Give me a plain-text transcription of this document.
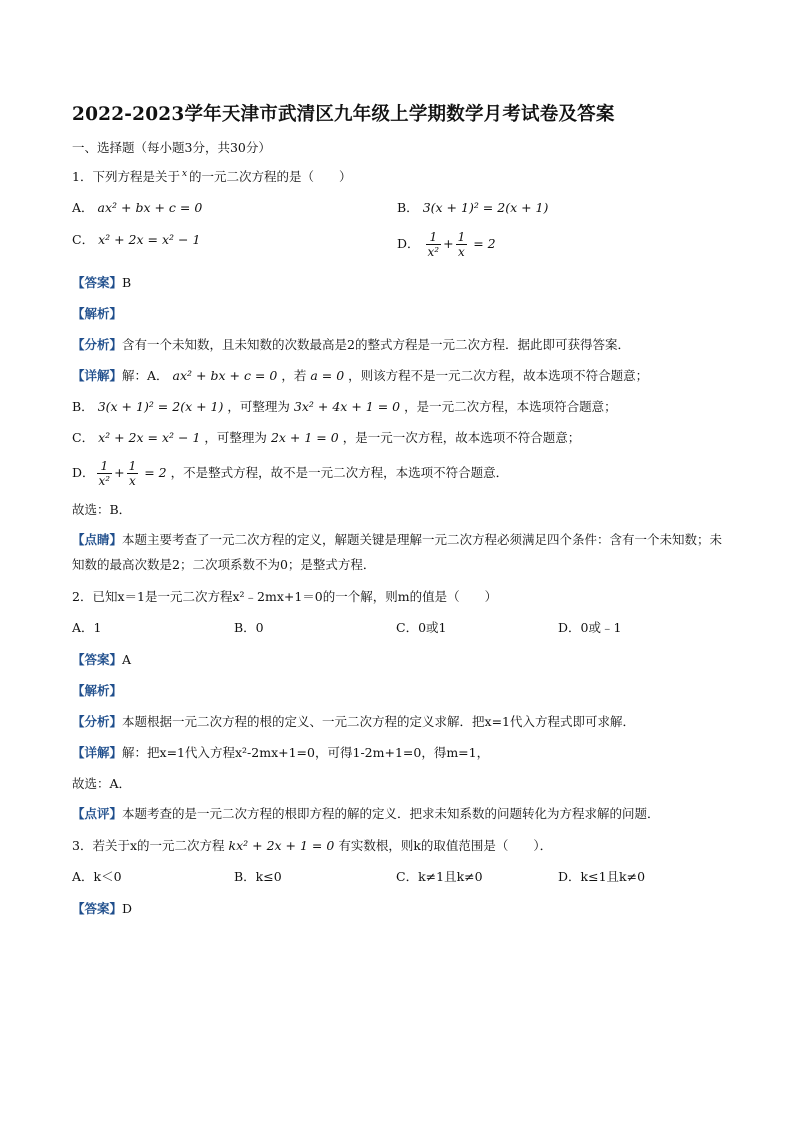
2022-2023学年天津市武清区九年级上学期数学月考试卷及答案
一、选择题（每小题3分，共30分）
1．下列方程是关于 $^x$ 的一元二次方程的是（　　）
A． ax² + bx + c = 0	B． 3(x + 1)² = 2(x + 1)
C． x² + 2x = x² − 1	D． $\frac{1}{\text{x²}} + \frac{1}{x} = 2$
【答案】B
【解析】
【分析】含有一个未知数，且未知数的次数最高是2的整式方程是一元二次方程．据此即可获得答案．
【详解】解：A． ax² + bx + c = 0 ，若 a = 0 ，则该方程不是一元二次方程，故本选项不符合题意；
B． 3(x + 1)² = 2(x + 1) ，可整理为 3x² + 4x + 1 = 0 ，是一元二次方程，本选项符合题意；
C． x² + 2x = x² − 1 ，可整理为 2x + 1 = 0 ，是一元一次方程，故本选项不符合题意；
D． $\frac{1}{\text{x²}} + \frac{1}{x} = 2$ ，不是整式方程，故不是一元二次方程，本选项不符合题意．
故选：B．
【点睛】本题主要考查了一元二次方程的定义，解题关键是理解一元二次方程必须满足四个条件：含有一个未知数；未知数的最高次数是2；二次项系数不为0；是整式方程．
2．已知x＝1是一元二次方程x²﹣2mx+1＝0的一个解，则m的值是（　　）
A．1	B．0	C．0或1	D．0或﹣1
【答案】A
【解析】
【分析】本题根据一元二次方程的根的定义、一元二次方程的定义求解．把x=1代入方程式即可求解．
【详解】解：把x=1代入方程x²-2mx+1=0，可得1-2m+1=0，得m=1，
故选：A．
【点评】本题考查的是一元二次方程的根即方程的解的定义．把求未知系数的问题转化为方程求解的问题．
3．若关于x的一元二次方程 kx² + 2x + 1 = 0 有实数根，则k的取值范围是（　　）．
A．k＜0	B．k≤0	C．k≠1且k≠0	D．k≤1且k≠0
【答案】D
